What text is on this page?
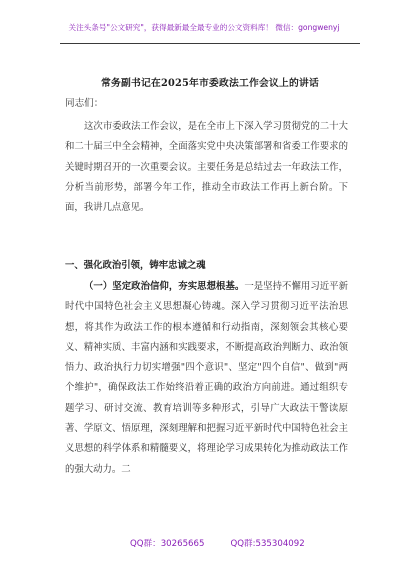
关注头条号"公文研究"，获得最新最全最专业的公文资料库！ 微信：gongwenyj
常务副书记在2025年市委政法工作会议上的讲话
同志们：
这次市委政法工作会议，是在全市上下深入学习贯彻党的二十大和二十届三中全会精神，全面落实党中央决策部署和省委工作要求的关键时期召开的一次重要会议。主要任务是总结过去一年政法工作，分析当前形势，部署今年工作，推动全市政法工作再上新台阶。下面，我讲几点意见。
一、强化政治引领，铸牢忠诚之魂
（一）坚定政治信仰，夯实思想根基。一是坚持不懈用习近平新时代中国特色社会主义思想凝心铸魂。深入学习贯彻习近平法治思想，将其作为政法工作的根本遵循和行动指南，深刻领会其核心要义、精神实质、丰富内涵和实践要求，不断提高政治判断力、政治领悟力、政治执行力切实增强"四个意识"、坚定"四个自信"、做到"两个维护"，确保政法工作始终沿着正确的政治方向前进。通过组织专题学习、研讨交流、教育培训等多种形式，引导广大政法干警读原著、学原文、悟原理，深刻理解和把握习近平新时代中国特色社会主义思想的科学体系和精髓要义，将理论学习成果转化为推动政法工作的强大动力。二
QQ群：30265665	QQ群:535304092
